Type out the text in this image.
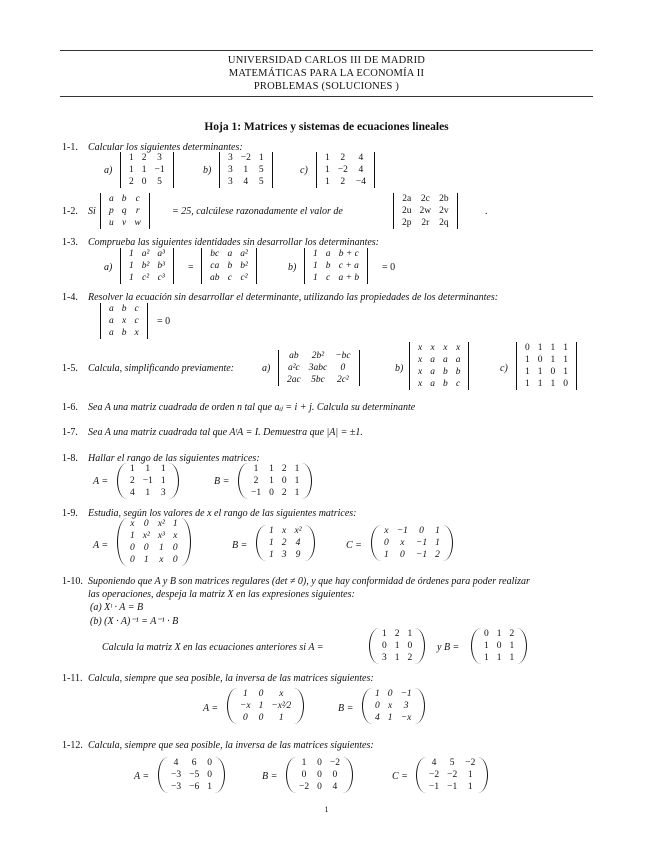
UNIVERSIDAD CARLOS III DE MADRID
MATEMÁTICAS PARA LA ECONOMÍA II
PROBLEMAS (SOLUCIONES )
Hoja 1: Matrices y sistemas de ecuaciones lineales
1-1. Calcular los siguientes determinantes:
a)
1	2	3
1	1	−1
2	0	5
b)
3	−2	1
3	1	5
3	4	5
c)
1	2	4
1	−2	4
1	2	−4
1-2. Si
a	b	c
p	q	r
u	v	w
= 25, calcúlese razonadamente el valor de
2a	2c	2b
2u	2w	2v
2p	2r	2q
.
1-3. Comprueba las siguientes identidades sin desarrollar los determinantes:
a)
1	a²	a³
1	b²	b³
1	c²	c³
=
bc	a	a²
ca	b	b²
ab	c	c²
b)
1	a	b + c
1	b	c + a
1	c	a + b
= 0
1-4. Resolver la ecuación sin desarrollar el determinante, utilizando las propiedades de los determinantes:
a	b	c
a	x	c
a	b	x
= 0
1-5. Calcula, simplificando previamente:	a)
ab	2b²	−bc
a²c	3abc	0
2ac	5bc	2c²
b)
x	x	x	x
x	a	a	a
x	a	b	b
x	a	b	c
c)
0	1	1	1
1	0	1	1
1	1	0	1
1	1	1	0
1-6. Sea A una matriz cuadrada de orden n tal que aᵢⱼ = i + j. Calcula su determinante
1-7. Sea A una matriz cuadrada tal que AᵗA = I. Demuestra que |A| = ±1.
1-8. Hallar el rango de las siguientes matrices:
A =
1	1	1
2	−1	1
4	1	3
B =
1	1	2	1
2	1	0	1
−1	0	2	1
1-9. Estudia, según los valores de x el rango de las siguientes matrices:
A =
x	0	x²	1
1	x²	x³	x
0	0	1	0
0	1	x	0
B =
1	x	x²
1	2	4
1	3	9
C =
x	−1	0	1
0	x	−1	1
1	0	−1	2
1-10. Suponiendo que A y B son matrices regulares (det ≠ 0), y que hay conformidad de órdenes para poder realizar
las operaciones, despeja la matriz X en las expresiones siguientes:
(a) Xᵗ · A = B
(b) (X · A)⁻¹ = A⁻¹ · B
Calcula la matriz X en las ecuaciones anteriores si A =
1	2	1
0	1	0
3	1	2
y B =
0	1	2
1	0	1
1	1	1
1-11. Calcula, siempre que sea posible, la inversa de las matrices siguientes:
A =
1	0	x
−x	1	−x²⁄2
0	0	1
B =
1	0	−1
0	x	3
4	1	−x
1-12. Calcula, siempre que sea posible, la inversa de las matrices siguientes:
A =
4	6	0
−3	−5	0
−3	−6	1
B =
1	0	−2
0	0	0
−2	0	4
C =
4	5	−2
−2	−2	1
−1	−1	1
1
